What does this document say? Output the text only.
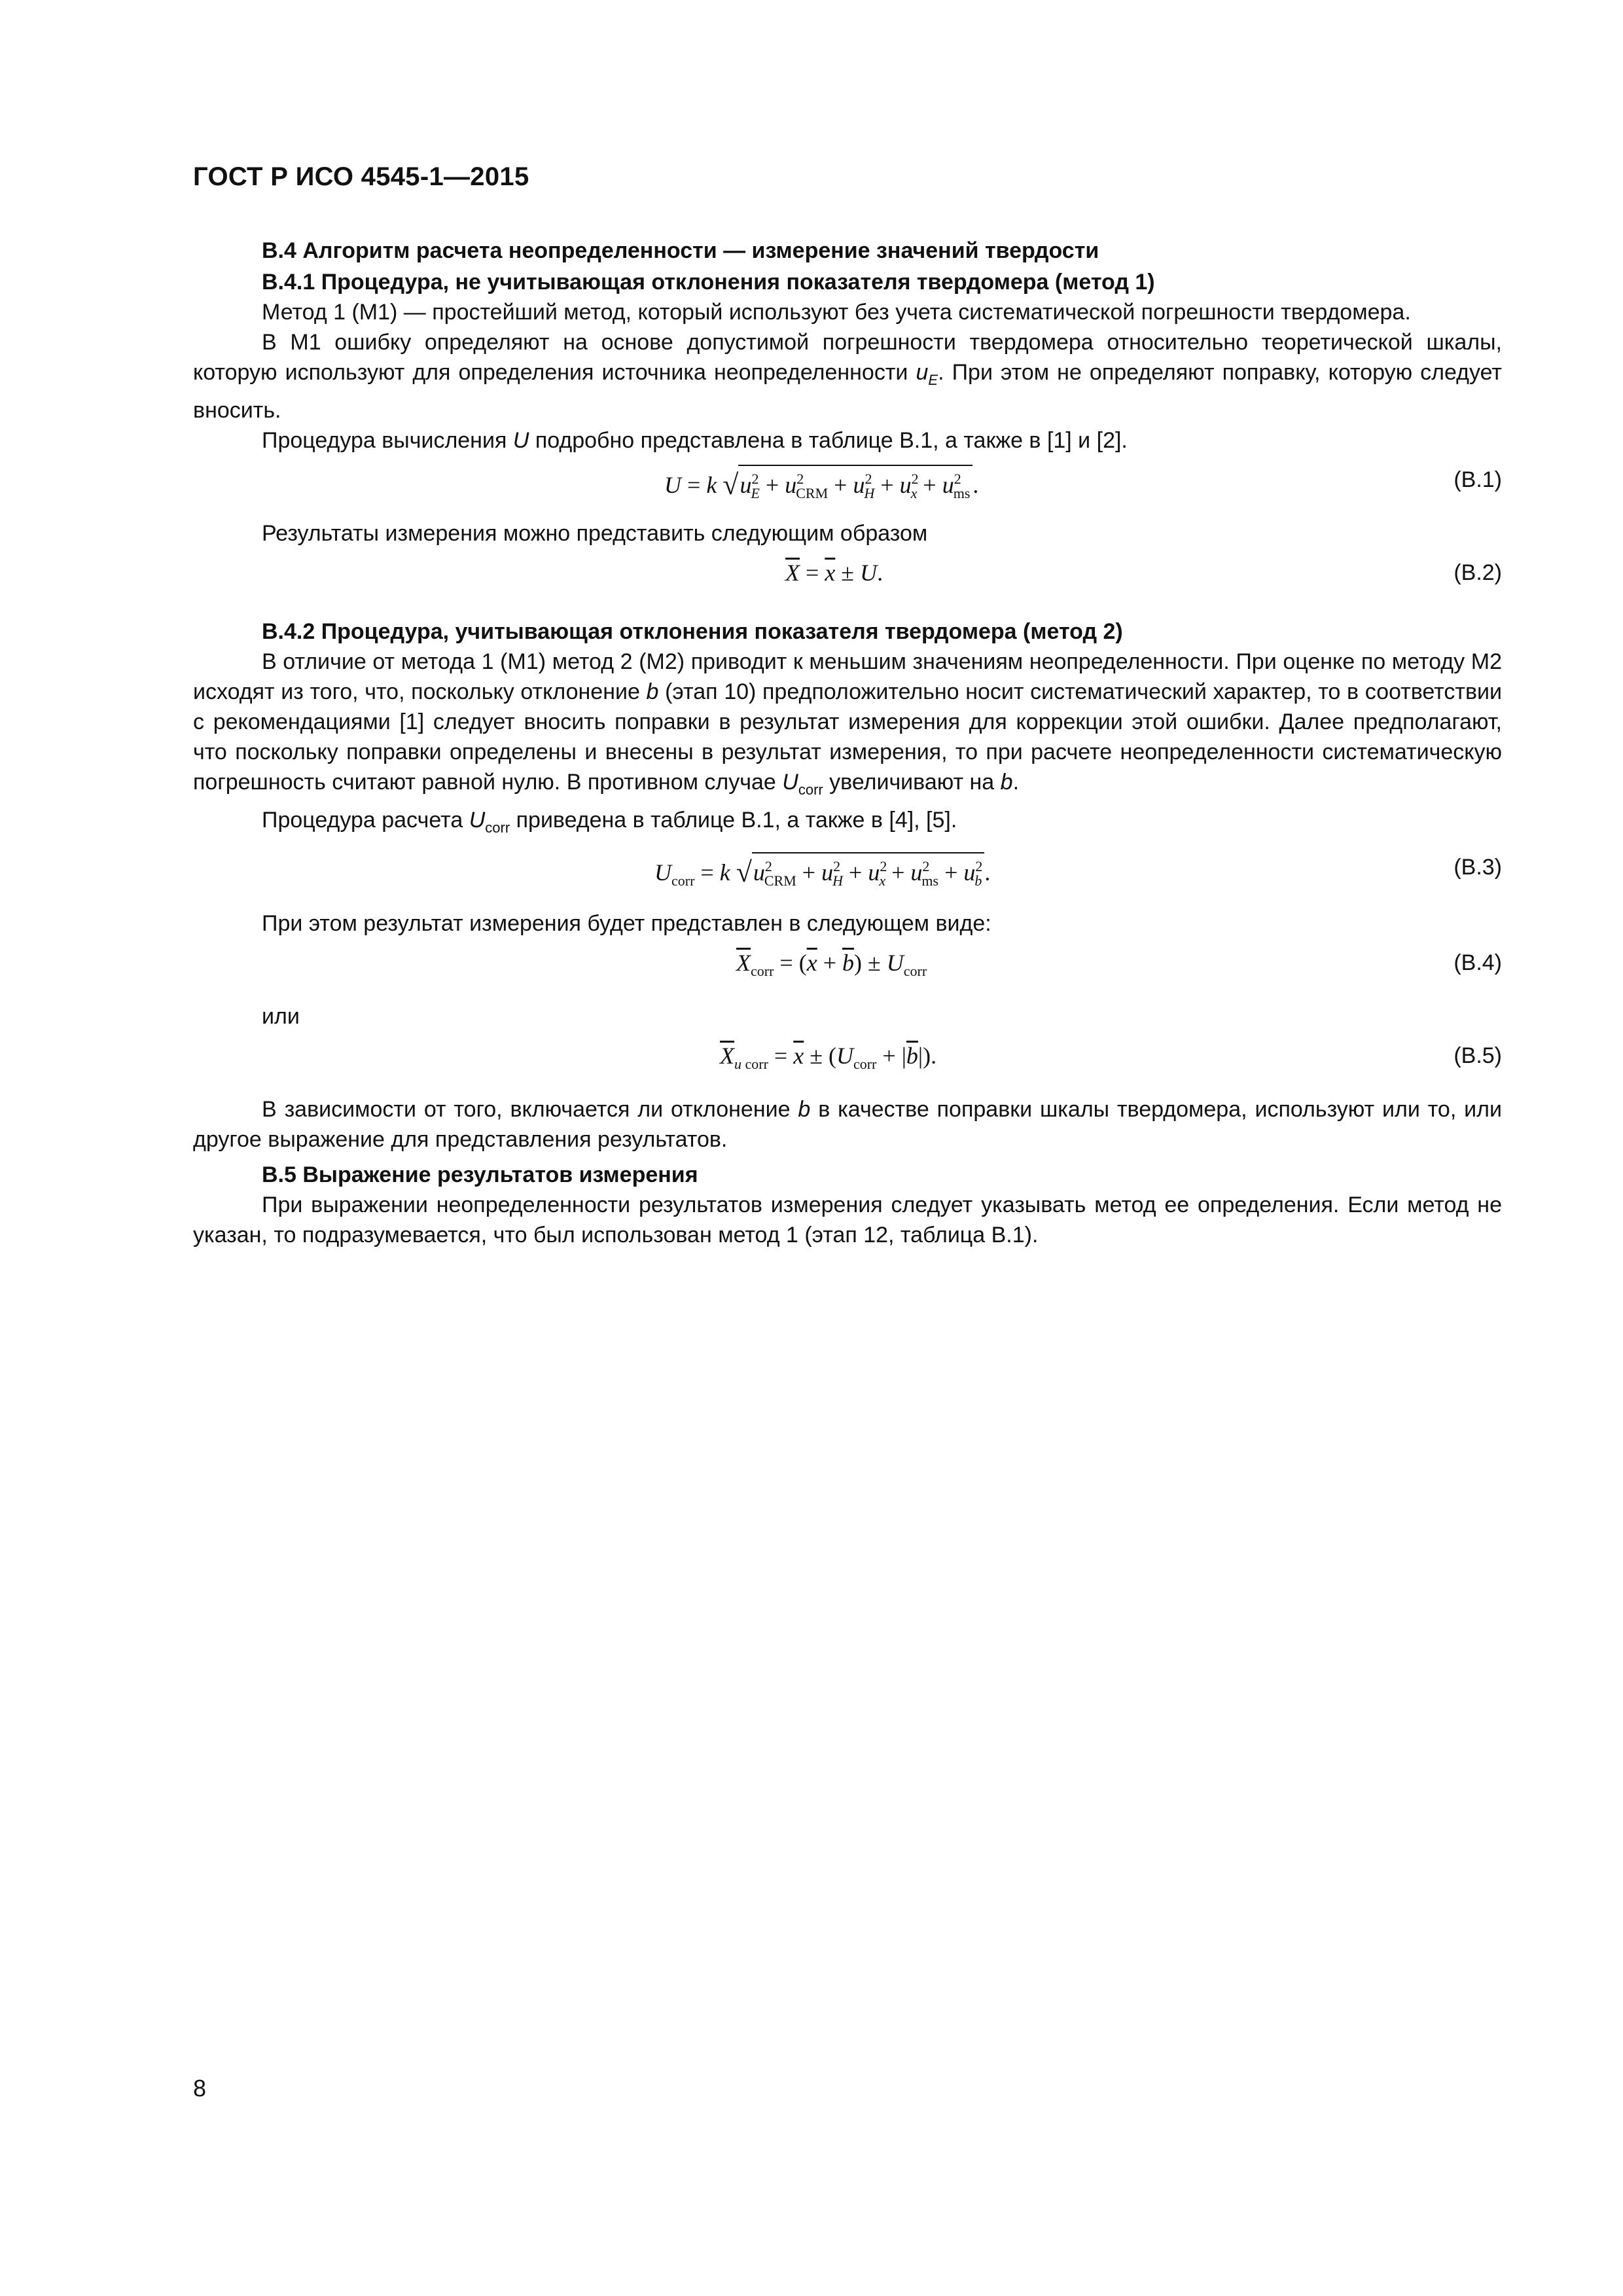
ГОСТ Р ИСО 4545-1—2015
B.4 Алгоритм расчета неопределенности — измерение значений твердости
B.4.1 Процедура, не учитывающая отклонения показателя твердомера (метод 1)

Метод 1 (M1) — простейший метод, который используют без учета систематической погрешности твердомера.

В M1 ошибку определяют на основе допустимой погрешности твердомера относительно теоретической шкалы, которую используют для определения источника неопределенности $u_E$. При этом не определяют поправку, которую следует вносить.

Процедура вычисления U подробно представлена в таблице B.1, а также в [1] и [2].

U = k $√u^2_E + u^2_{CRM} + u^2_H + u^2_x + u^2_{ms}$ .	(B.1)

Результаты измерения можно представить следующим образом

$\overline{X} = \overline{x} \pm U$.	(B.2)
B.4.2 Процедура, учитывающая отклонения показателя твердомера (метод 2)

В отличие от метода 1 (M1) метод 2 (M2) приводит к меньшим значениям неопределенности. При оценке по методу M2 исходят из того, что, поскольку отклонение b (этап 10) предположительно носит систематический характер, то в соответствии с рекомендациями [1] следует вносить поправки в результат измерения для коррекции этой ошибки. Далее предполагают, что поскольку поправки определены и внесены в результат измерения, то при расчете неопределенности систематическую погрешность считают равной нулю. В противном случае $U_{corr}$ увеличивают на b.

Процедура расчета $U_{corr}$ приведена в таблице B.1, а также в [4], [5].

$U_{corr} = k$ $√u^2_{CRM} + u^2_H + u^2_x + u^2_{ms} + u^2_b$ .	(B.3)

При этом результат измерения будет представлен в следующем виде:

$\overline{X}_{corr} = (\overline{x} + \overline{b}) \pm U_{corr}$	(B.4)

или

$\overline{X}_u$ $_{corr} = \overline{x} \pm (U_{corr} + |\overline{b}|)$.	(B.5)

В зависимости от того, включается ли отклонение b в качестве поправки шкалы твердомера, используют или то, или другое выражение для представления результатов.

B.5 Выражение результатов измерения

При выражении неопределенности результатов измерения следует указывать метод ее определения. Если метод не указан, то подразумевается, что был использован метод 1 (этап 12, таблица B.1).

8
